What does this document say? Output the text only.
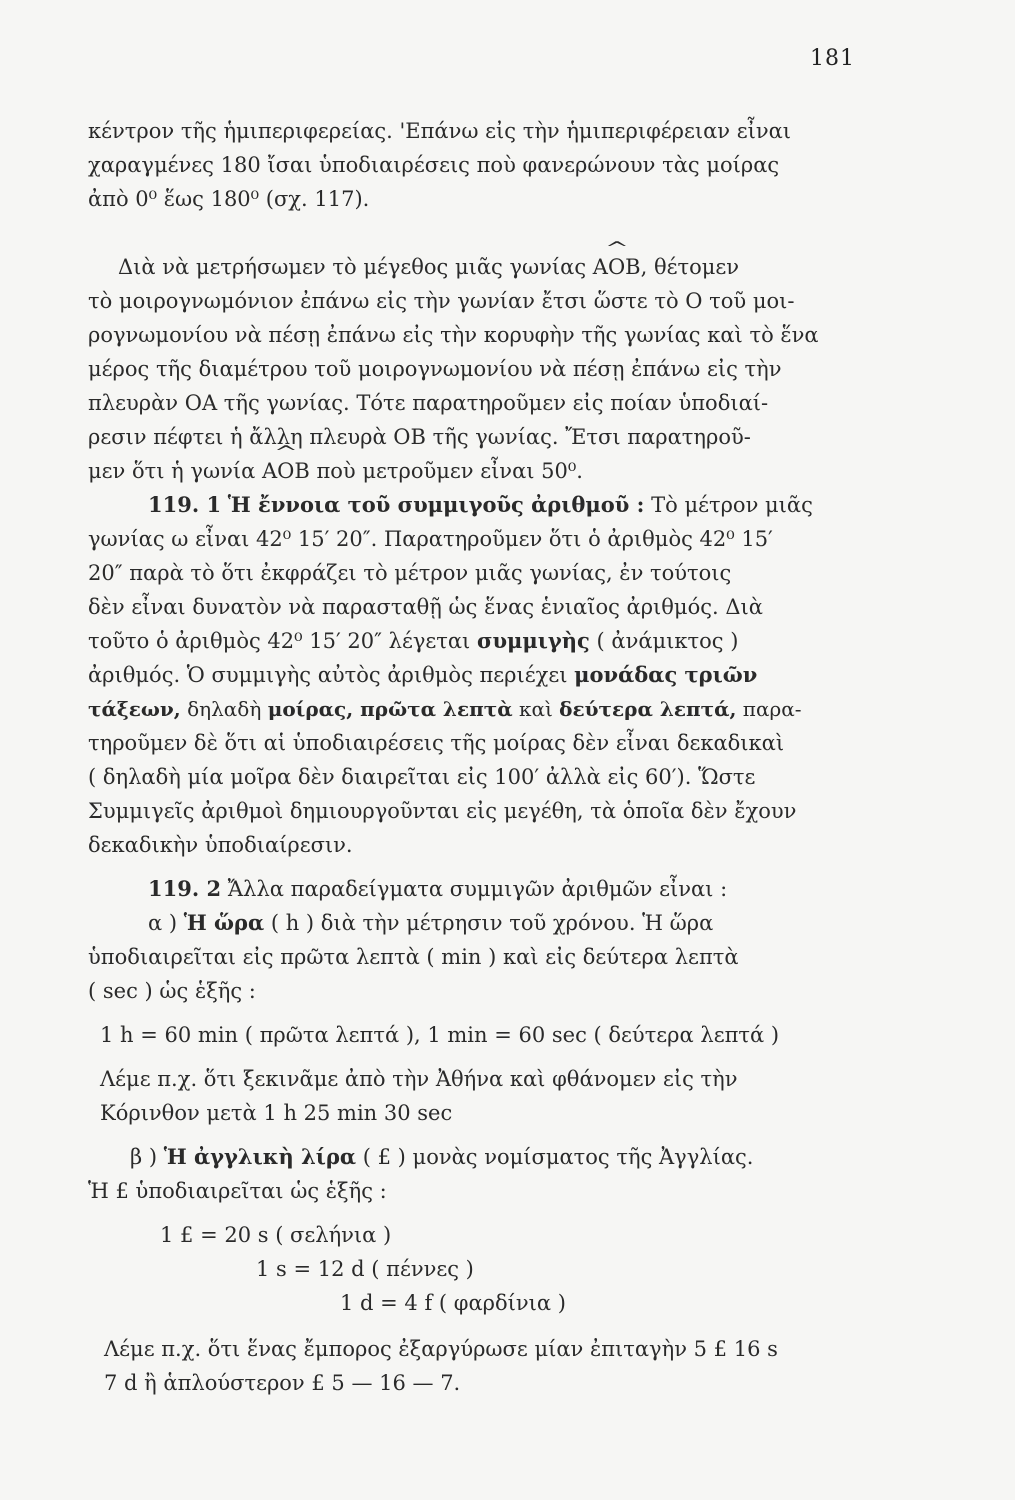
181
κέντρον τῆς ἡμιπεριφερείας. 'Επάνω εἰς τὴν ἡμιπεριφέρειαν εἶναι
χαραγμένες 180 ἴσαι ὑποδιαιρέσεις ποὺ φανερώνουν τὰς μοίρας
ἀπὸ 0⁰ ἕως 180⁰ (σχ. 117).
Διὰ νὰ μετρήσωμεν τὸ μέγεθος μιᾶς γωνίας ^ AOB, θέτομεν
τὸ μοιρογνωμόνιον ἐπάνω εἰς τὴν γωνίαν ἔτσι ὥστε τὸ Ο τοῦ μοι-
ρογνωμονίου νὰ πέσῃ ἐπάνω εἰς τὴν κορυφὴν τῆς γωνίας καὶ τὸ ἕνα
μέρος τῆς διαμέτρου τοῦ μοιρογνωμονίου νὰ πέσῃ ἐπάνω εἰς τὴν
πλευρὰν ΟΑ τῆς γωνίας. Τότε παρατηροῦμεν εἰς ποίαν ὑποδιαί-
ρεσιν πέφτει ἡ ἄλλη πλευρὰ ΟΒ τῆς γωνίας. Ἔτσι παρατηροῦ-
μεν ὅτι ἡ γωνία ^ AOB ποὺ μετροῦμεν εἶναι 50⁰.
119. 1 Ἡ ἔννοια τοῦ συμμιγοῦς ἀριθμοῦ : Τὸ μέτρον μιᾶς
γωνίας ω εἶναι 42⁰ 15′ 20″. Παρατηροῦμεν ὅτι ὁ ἀριθμὸς 42⁰ 15′
20″ παρὰ τὸ ὅτι ἐκφράζει τὸ μέτρον μιᾶς γωνίας, ἐν τούτοις
δὲν εἶναι δυνατὸν νὰ παρασταθῇ ὡς ἕνας ἑνιαῖος ἀριθμός. Διὰ
τοῦτο ὁ ἀριθμὸς 42⁰ 15′ 20″ λέγεται συμμιγὴς ( ἀνάμικτος )
ἀριθμός. Ὁ συμμιγὴς αὐτὸς ἀριθμὸς περιέχει μονάδας τριῶν
τάξεων, δηλαδὴ μοίρας, πρῶτα λεπτὰ καὶ δεύτερα λεπτά, παρα-
τηροῦμεν δὲ ὅτι αἱ ὑποδιαιρέσεις τῆς μοίρας δὲν εἶναι δεκαδικαὶ
( δηλαδὴ μία μοῖρα δὲν διαιρεῖται εἰς 100′ ἀλλὰ εἰς 60′). Ὥστε
Συμμιγεῖς ἀριθμοὶ δημιουργοῦνται εἰς μεγέθη, τὰ ὁποῖα δὲν ἔχουν
δεκαδικὴν ὑποδιαίρεσιν.
119. 2 Ἄλλα παραδείγματα συμμιγῶν ἀριθμῶν εἶναι :
α ) Ἡ ὥρα ( h ) διὰ τὴν μέτρησιν τοῦ χρόνου. Ἡ ὥρα
ὑποδιαιρεῖται εἰς πρῶτα λεπτὰ ( min ) καὶ εἰς δεύτερα λεπτὰ
( sec ) ὡς ἑξῆς :
1 h = 60 min ( πρῶτα λεπτά ), 1 min = 60 sec ( δεύτερα λεπτά )
Λέμε π.χ. ὅτι ξεκινᾶμε ἀπὸ τὴν Ἀθήνα καὶ φθάνομεν εἰς τὴν
Κόρινθον μετὰ 1 h 25 min 30 sec
β ) Ἡ ἀγγλικὴ λίρα ( £ ) μονὰς νομίσματος τῆς Ἀγγλίας.
Ἡ £ ὑποδιαιρεῖται ὡς ἑξῆς :
1 £ = 20 s ( σελήνια )
1 s = 12 d ( πέννες )
1 d = 4 f ( φαρδίνια )
Λέμε π.χ. ὅτι ἕνας ἔμπορος ἐξαργύρωσε μίαν ἐπιταγὴν 5 £ 16 s
7 d ἢ ἁπλούστερον £ 5 — 16 — 7.
